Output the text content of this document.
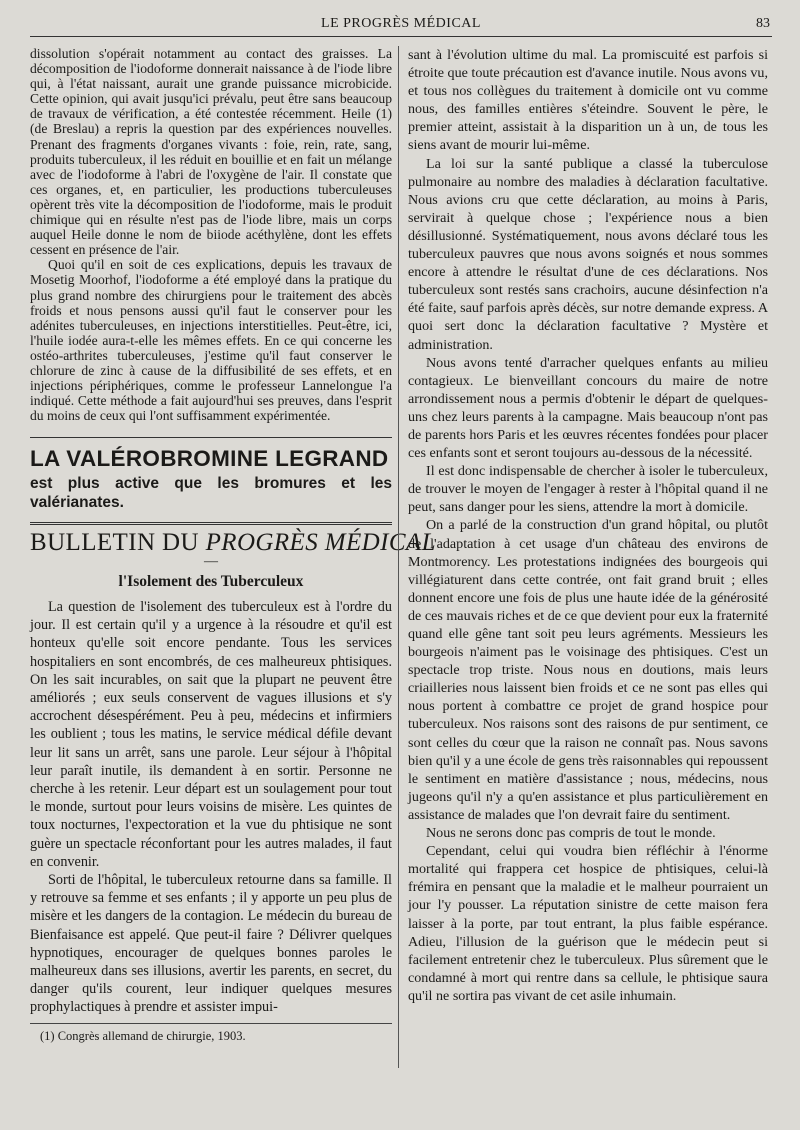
LE PROGRÈS MÉDICAL	83

dissolution s'opérait notamment au contact des graisses. La décomposition de l'iodoforme donnerait naissance à de l'iode libre qui, à l'état naissant, aurait une grande puissance microbicide. Cette opinion, qui avait jusqu'ici prévalu, peut être sans beaucoup de travaux de vérification, a été contestée récemment. Heile (1) (de Breslau) a repris la question par des expériences nouvelles. Prenant des fragments d'organes vivants : foie, rein, rate, sang, produits tuberculeux, il les réduit en bouillie et en fait un mélange avec de l'iodoforme à l'abri de l'oxygène de l'air. Il constate que ces organes, et, en particulier, les productions tuberculeuses opèrent très vite la décomposition de l'iodoforme, mais le produit chimique qui en résulte n'est pas de l'iode libre, mais un corps auquel Heile donne le nom de biiode acéthylène, dont les effets cessent en présence de l'air.

Quoi qu'il en soit de ces explications, depuis les travaux de Mosetig Moorhof, l'iodoforme a été employé dans la pratique du plus grand nombre des chirurgiens pour le traitement des abcès froids et nous pensons aussi qu'il faut le conserver pour les adénites tuberculeuses, en injections interstitielles. Peut-être, ici, l'huile iodée aura-t-elle les mêmes effets. En ce qui concerne les ostéo-arthrites tuberculeuses, j'estime qu'il faut conserver le chlorure de zinc à cause de la diffusibilité de ses effets, et en injections périphériques, comme le professeur Lannelongue l'a indiqué. Cette méthode a fait aujourd'hui ses preuves, dans l'esprit du moins de ceux qui l'ont suffisamment expérimentée.

LA VALÉROBROMINE LEGRAND
est plus active que les bromures et les valérianates.
BULLETIN DU PROGRÈS MÉDICAL
—
l'Isolement des Tuberculeux

La question de l'isolement des tuberculeux est à l'ordre du jour. Il est certain qu'il y a urgence à la résoudre et qu'il est honteux qu'elle soit encore pendante. Tous les services hospitaliers en sont encombrés, de ces malheureux phtisiques. On les sait incurables, on sait que la plupart ne peuvent être améliorés ; eux seuls conservent de vagues illusions et s'y accrochent désespérément. Peu à peu, médecins et infirmiers les oublient ; tous les matins, le service médical défile devant leur lit sans un arrêt, sans une parole. Leur séjour à l'hôpital leur paraît inutile, ils demandent à en sortir. Personne ne cherche à les retenir. Leur départ est un soulagement pour tout le monde, surtout pour leurs voisins de misère. Les quintes de toux nocturnes, l'expectoration et la vue du phtisique ne sont guère un spectacle réconfortant pour les autres malades, il faut en convenir.

Sorti de l'hôpital, le tuberculeux retourne dans sa famille. Il y retrouve sa femme et ses enfants ; il y apporte un peu plus de misère et les dangers de la contagion. Le médecin du bureau de Bienfaisance est appelé. Que peut-il faire ? Délivrer quelques hypnotiques, encourager de quelques bonnes paroles le malheureux dans ses illusions, avertir les parents, en secret, du danger qu'ils courent, leur indiquer quelques mesures prophylactiques à prendre et assister impui-

(1) Congrès allemand de chirurgie, 1903.

sant à l'évolution ultime du mal. La promiscuité est parfois si étroite que toute précaution est d'avance inutile. Nous avons vu, et tous nos collègues du traitement à domicile ont vu comme nous, des familles entières s'éteindre. Souvent le père, le premier atteint, assistait à la disparition un à un, de tous les siens avant de mourir lui-même.

La loi sur la santé publique a classé la tuberculose pulmonaire au nombre des maladies à déclaration facultative. Nous avions cru que cette déclaration, au moins à Paris, servirait à quelque chose ; l'expérience nous a bien désillusionné. Systématiquement, nous avons déclaré tous les tuberculeux pauvres que nous avons soignés et nous sommes encore à attendre le résultat d'une de ces déclarations. Nos tuberculeux sont restés sans crachoirs, aucune désinfection n'a été faite, sauf parfois après décès, sur notre demande express. A quoi sert donc la déclaration facultative ? Mystère et administration.

Nous avons tenté d'arracher quelques enfants au milieu contagieux. Le bienveillant concours du maire de notre arrondissement nous a permis d'obtenir le départ de quelques-uns chez leurs parents à la campagne. Mais beaucoup n'ont pas de parents hors Paris et les œuvres récentes fondées pour placer ces enfants sont et seront toujours au-dessous de la nécessité.

Il est donc indispensable de chercher à isoler le tuberculeux, de trouver le moyen de l'engager à rester à l'hôpital quand il ne peut, sans danger pour les siens, attendre la mort à domicile.

On a parlé de la construction d'un grand hôpital, ou plutôt de l'adaptation à cet usage d'un château des environs de Montmorency. Les protestations indignées des bourgeois qui villégiaturent dans cette contrée, ont fait grand bruit ; elles donnent encore une fois de plus une haute idée de la générosité de ces mauvais riches et de ce que devient pour eux la fraternité quand elle gêne tant soit peu leurs agréments. Messieurs les bourgeois n'aiment pas le voisinage des phtisiques. C'est un spectacle trop triste. Nous nous en doutions, mais leurs criailleries nous laissent bien froids et ce ne sont pas elles qui nous portent à combattre ce projet de grand hospice pour tuberculeux. Nos raisons sont des raisons de pur sentiment, ce sont celles du cœur que la raison ne connaît pas. Nous savons bien qu'il y a une école de gens très raisonnables qui repoussent le sentiment en matière d'assistance ; nous, médecins, nous jugeons qu'il n'y a qu'en assistance et plus particulièrement en assistance de malades que l'on devrait faire du sentiment.

Nous ne serons donc pas compris de tout le monde.

Cependant, celui qui voudra bien réfléchir à l'énorme mortalité qui frappera cet hospice de phtisiques, celui-là frémira en pensant que la maladie et le malheur pourraient un jour l'y pousser. La réputation sinistre de cette maison fera laisser à la porte, par tout entrant, la plus faible espérance. Adieu, l'illusion de la guérison que le médecin peut si facilement entretenir chez le tuberculeux. Plus sûrement que le condamné à mort qui rentre dans sa cellule, le phtisique saura qu'il ne sortira pas vivant de cet asile inhumain.
